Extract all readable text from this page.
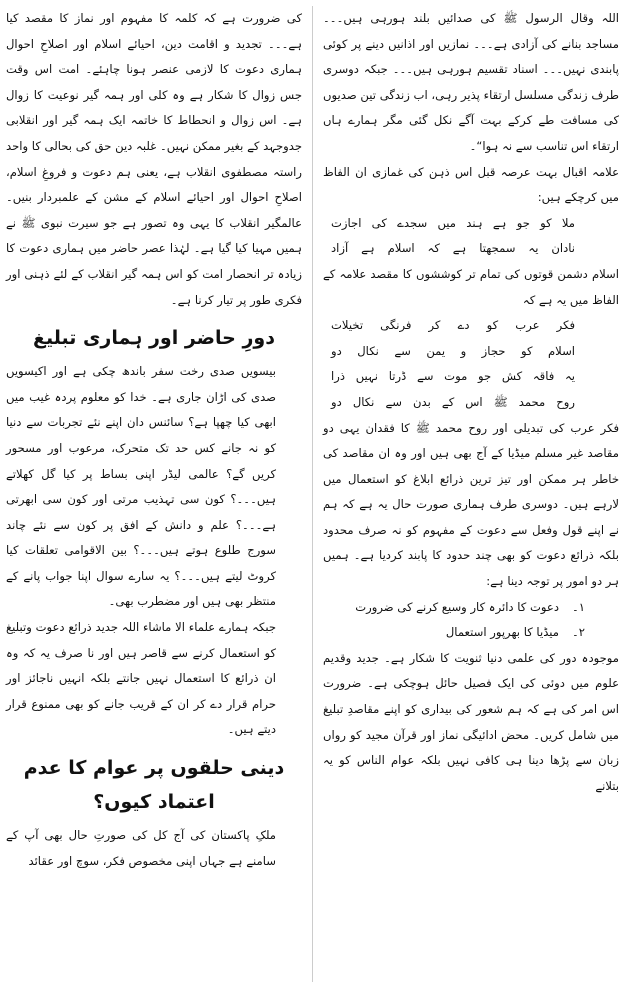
اللہ وقال الرسول ﷺ کی صدائیں بلند ہورہی ہیں۔۔۔ مساجد بنانے کی آزادی ہے۔۔۔ نمازیں اور اذانیں دینے پر کوئی پابندی نہیں۔۔۔ اسناد تقسیم ہورہی ہیں۔۔۔ جبکہ دوسری طرف زندگی مسلسل ارتقاء پذیر رہی، اب زندگی تین صدیوں کی مسافت طے کرکے بہت آگے نکل گئی مگر ہمارے ہاں ارتقاء اس تناسب سے نہ ہوا“۔

علامہ اقبال بہت عرصہ قبل اس ذہن کی غمازی ان الفاظ میں کرچکے ہیں:

ملا کو جو ہے ہند میں سجدے کی اجازت
نادان یہ سمجھتا ہے کہ اسلام ہے آزاد

اسلام دشمن قوتوں کی تمام تر کوششوں کا مقصد علامہ کے الفاظ میں یہ ہے کہ

فکر عرب کو دے کر فرنگی تخیلات
اسلام کو حجاز و یمن سے نکال دو
یہ فاقہ کش جو موت سے ڈرتا نہیں ذرا
روح محمد ﷺ اس کے بدن سے نکال دو

فکر عرب کی تبدیلی اور روح محمد ﷺ کا فقدان یہی دو مقاصد غیر مسلم میڈیا کے آج بھی ہیں اور وہ ان مقاصد کی خاطر ہر ممکن اور تیز ترین ذرائع ابلاغ کو استعمال میں لارہے ہیں۔ دوسری طرف ہماری صورت حال یہ ہے کہ ہم نے اپنے قول وفعل سے دعوت کے مفہوم کو نہ صرف محدود بلکہ ذرائع دعوت کو بھی چند حدود کا پابند کردیا ہے۔ ہمیں ہر دو امور پر توجہ دینا ہے:

۱۔
دعوت کا دائرہ کار وسیع کرنے کی ضرورت
۲۔
میڈیا کا بھرپور استعمال

موجودہ دور کی علمی دنیا ثنویت کا شکار ہے۔ جدید وقدیم علوم میں دوئی کی ایک فصیل حائل ہوچکی ہے۔ ضرورت اس امر کی ہے کہ ہم شعور کی بیداری کو اپنے مقاصدِ تبلیغ میں شامل کریں۔ محض ادائیگی نماز اور قرآن مجید کو رواں زبان سے پڑھا دینا ہی کافی نہیں بلکہ عوام الناس کو یہ بتلانے

کی ضرورت ہے کہ کلمہ کا مفہوم اور نماز کا مقصد کیا ہے۔۔۔ تجدید و اقامت دین، احیائے اسلام اور اصلاحِ احوال ہماری دعوت کا لازمی عنصر ہونا چاہئے۔ امت اس وقت جس زوال کا شکار ہے وہ کلی اور ہمہ گیر نوعیت کا زوال ہے۔ اس زوال و انحطاط کا خاتمہ ایک ہمہ گیر اور انقلابی جدوجہد کے بغیر ممکن نہیں۔ غلبہ دین حق کی بحالی کا واحد راستہ مصطفوی انقلاب ہے، یعنی ہم دعوت و فروغِ اسلام، اصلاحِ احوال اور احیائے اسلام کے مشن کے علمبردار بنیں۔ عالمگیر انقلاب کا یہی وہ تصور ہے جو سیرت نبوی ﷺ نے ہمیں مہیا کیا گیا ہے۔ لہٰذا عصر حاضر میں ہماری دعوت کا زیادہ تر انحصار امت کو اس ہمہ گیر انقلاب کے لئے ذہنی اور فکری طور پر تیار کرنا ہے۔

دورِ حاضر اور ہماری تبلیغ

بیسویں صدی رخت سفر باندھ چکی ہے اور اکیسویں صدی کی اڑان جاری ہے۔ خدا کو معلوم پردہ غیب میں ابھی کیا چھپا ہے؟ سائنس دان اپنے نئے تجربات سے دنیا کو نہ جانے کس حد تک متحرک، مرعوب اور مسحور کریں گے؟ عالمی لیڈر اپنی بساط پر کیا گل کھلاتے ہیں۔۔۔؟ کون سی تہذیب مرتی اور کون سی ابھرتی ہے۔۔۔؟ علم و دانش کے افق پر کون سے نئے چاند سورج طلوع ہوتے ہیں۔۔۔؟ بین الاقوامی تعلقات کیا کروٹ لیتے ہیں۔۔۔؟ یہ سارے سوال اپنا جواب پانے کے منتظر بھی ہیں اور مضطرب بھی۔

جبکہ ہمارے علماء الا ماشاء اللہ جدید ذرائع دعوت وتبلیغ کو استعمال کرنے سے قاصر ہیں اور نا صرف یہ کہ وہ ان ذرائع کا استعمال نہیں جانتے بلکہ انہیں ناجائز اور حرام قرار دے کر ان کے قریب جانے کو بھی ممنوع قرار دیتے ہیں۔

دینی حلقوں پر عوام کا عدم اعتماد کیوں؟

ملکِ پاکستان کی آج کل کی صورتِ حال بھی آپ کے سامنے ہے جہاں اپنی مخصوص فکر، سوچ اور عقائد
